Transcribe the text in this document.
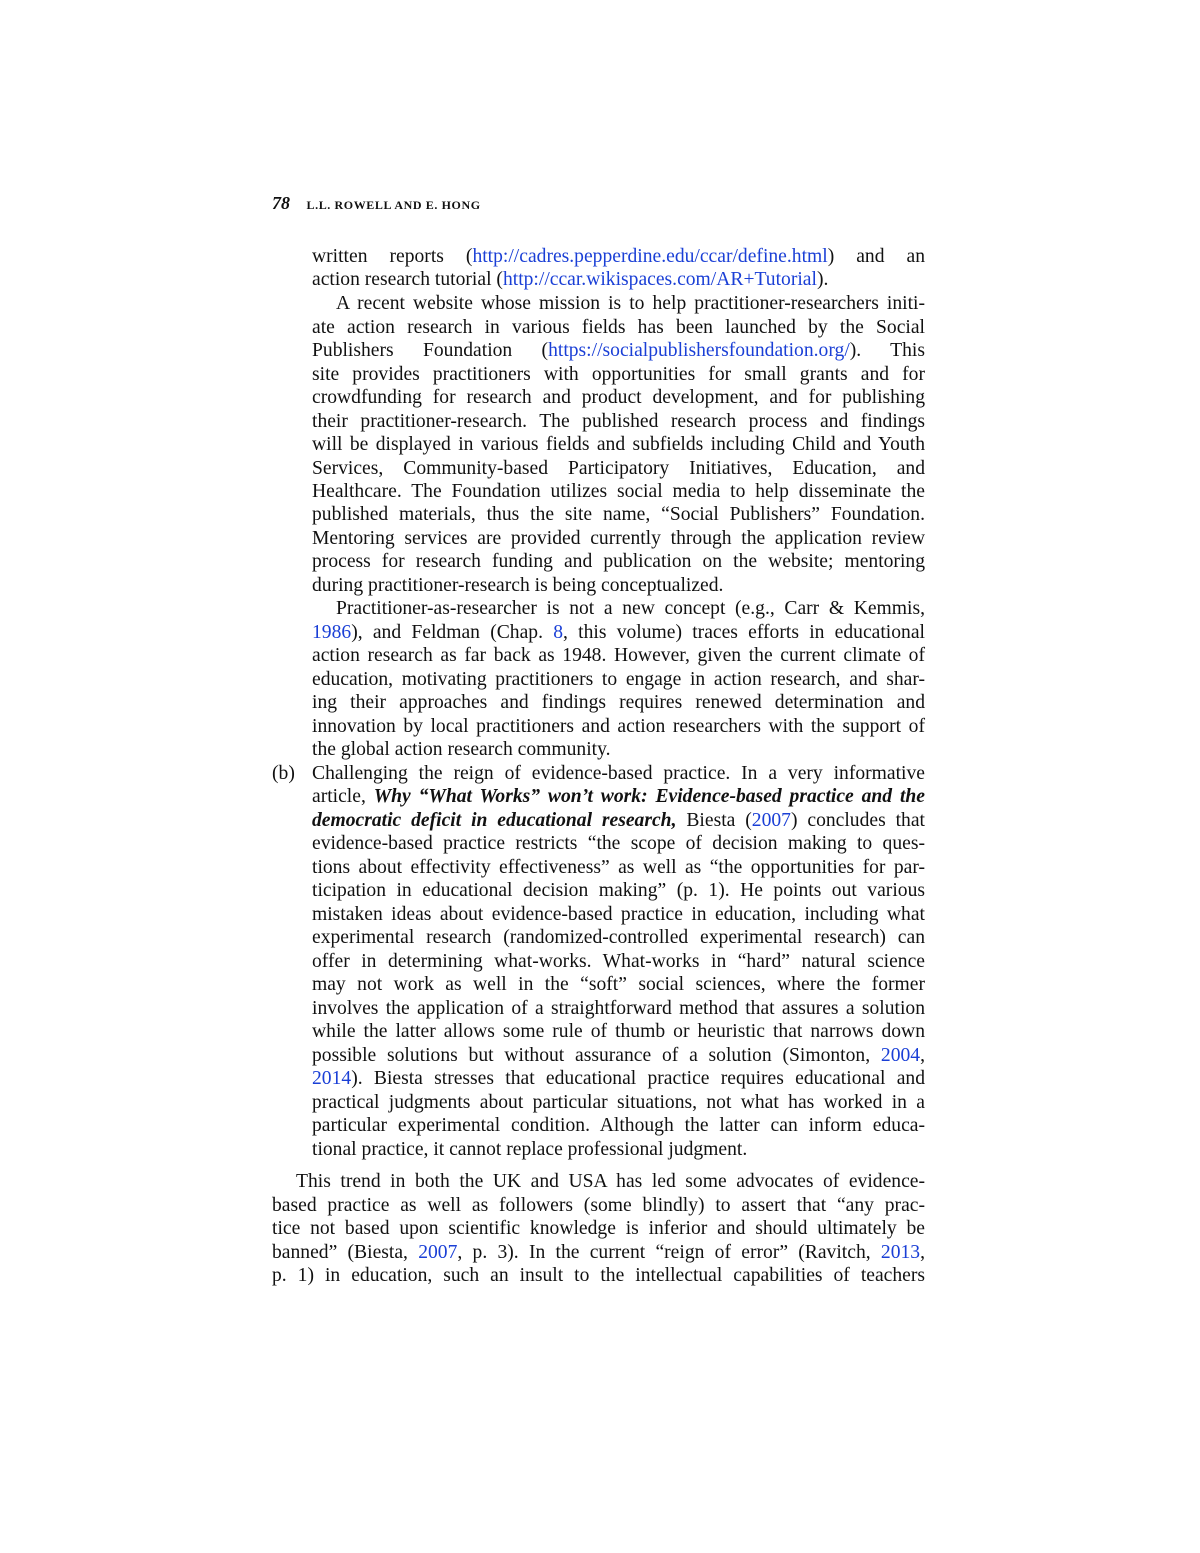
78 L.L. ROWELL AND E. HONG
written reports (http://cadres.pepperdine.edu/ccar/define.html) and an
action research tutorial (http://ccar.wikispaces.com/AR+Tutorial).
A recent website whose mission is to help practitioner-researchers initi-
ate action research in various fields has been launched by the Social
Publishers Foundation (https://socialpublishersfoundation.org/). This
site provides practitioners with opportunities for small grants and for
crowdfunding for research and product development, and for publishing
their practitioner-research. The published research process and findings
will be displayed in various fields and subfields including Child and Youth
Services, Community-based Participatory Initiatives, Education, and
Healthcare. The Foundation utilizes social media to help disseminate the
published materials, thus the site name, “Social Publishers” Foundation.
Mentoring services are provided currently through the application review
process for research funding and publication on the website; mentoring
during practitioner-research is being conceptualized.
Practitioner-as-researcher is not a new concept (e.g., Carr & Kemmis,
1986), and Feldman (Chap. 8, this volume) traces efforts in educational
action research as far back as 1948. However, given the current climate of
education, motivating practitioners to engage in action research, and shar-
ing their approaches and findings requires renewed determination and
innovation by local practitioners and action researchers with the support of
the global action research community.
(b) Challenging the reign of evidence-based practice. In a very informative
article, Why “What Works” won’t work: Evidence-based practice and the
democratic deficit in educational research, Biesta (2007) concludes that
evidence-based practice restricts “the scope of decision making to ques-
tions about effectivity effectiveness” as well as “the opportunities for par-
ticipation in educational decision making” (p. 1). He points out various
mistaken ideas about evidence-based practice in education, including what
experimental research (randomized-controlled experimental research) can
offer in determining what-works. What-works in “hard” natural science
may not work as well in the “soft” social sciences, where the former
involves the application of a straightforward method that assures a solution
while the latter allows some rule of thumb or heuristic that narrows down
possible solutions but without assurance of a solution (Simonton, 2004,
2014). Biesta stresses that educational practice requires educational and
practical judgments about particular situations, not what has worked in a
particular experimental condition. Although the latter can inform educa-
tional practice, it cannot replace professional judgment.
This trend in both the UK and USA has led some advocates of evidence-
based practice as well as followers (some blindly) to assert that “any prac-
tice not based upon scientific knowledge is inferior and should ultimately be
banned” (Biesta, 2007, p. 3). In the current “reign of error” (Ravitch, 2013,
p. 1) in education, such an insult to the intellectual capabilities of teachers
